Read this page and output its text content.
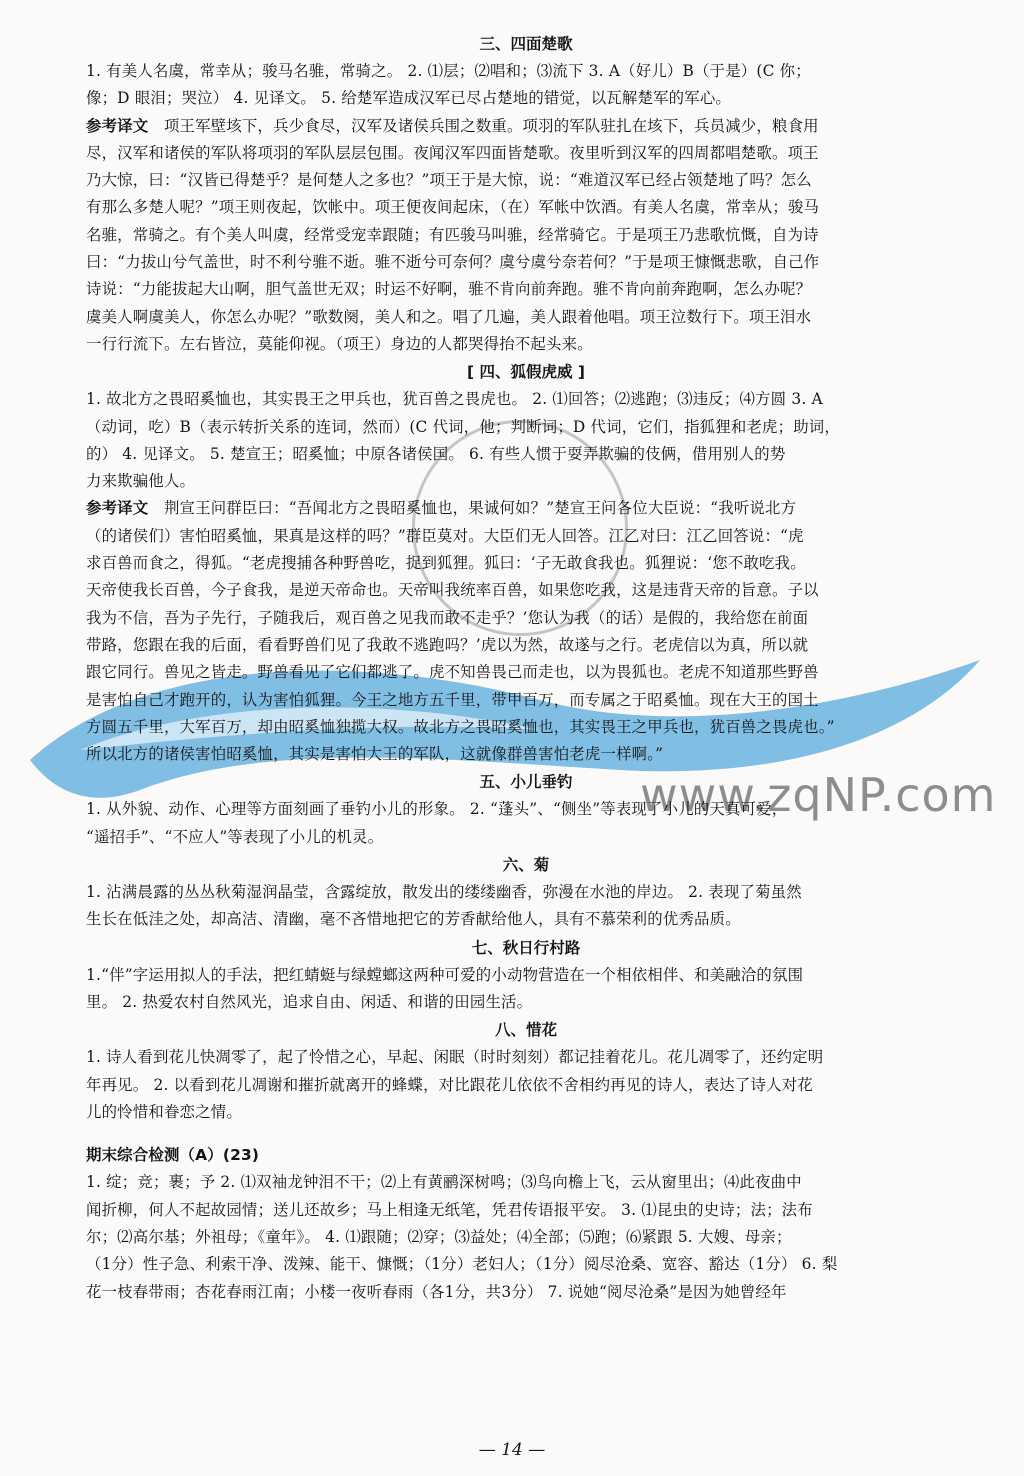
www.zqNP.com
三、四面楚歌

1. 有美人名虞，常幸从；骏马名骓，常骑之。 2. ⑴层；⑵唱和；⑶流下 3. A（好儿）B（于是）(C 你；

像；D 眼泪；哭泣） 4. 见译文。 5. 给楚军造成汉军已尽占楚地的错觉，以瓦解楚军的军心。

参考译文　 项王军壁垓下，兵少食尽，汉军及诸侯兵围之数重。项羽的军队驻扎在垓下，兵员减少，粮食用

尽，汉军和诸侯的军队将项羽的军队层层包围。夜闻汉军四面皆楚歌。夜里听到汉军的四周都唱楚歌。项王

乃大惊，曰：“汉皆已得楚乎？是何楚人之多也？”项王于是大惊，说：“难道汉军已经占领楚地了吗？怎么

有那么多楚人呢？”项王则夜起，饮帐中。项王便夜间起床，（在）军帐中饮酒。有美人名虞，常幸从；骏马

名骓，常骑之。有个美人叫虞，经常受宠幸跟随；有匹骏马叫骓，经常骑它。于是项王乃悲歌忼慨，自为诗

曰：“力拔山兮气盖世，时不利兮骓不逝。骓不逝兮可奈何？虞兮虞兮奈若何？”于是项王慷慨悲歌，自己作

诗说：“力能拔起大山啊，胆气盖世无双；时运不好啊，骓不肯向前奔跑。骓不肯向前奔跑啊，怎么办呢？

虞美人啊虞美人，你怎么办呢？”歌数阕，美人和之。唱了几遍，美人跟着他唱。项王泣数行下。项王泪水

一行行流下。左右皆泣，莫能仰视。（项王）身边的人都哭得抬不起头来。

[ 四、狐假虎威 ]

1. 故北方之畏昭奚恤也，其实畏王之甲兵也，犹百兽之畏虎也。 2. ⑴回答；⑵逃跑；⑶违反；⑷方圆 3. A

（动词，吃）B（表示转折关系的连词，然而）(C 代词，他；判断词；D 代词，它们，指狐狸和老虎；助词，

的） 4. 见译文。 5. 楚宣王；昭奚恤；中原各诸侯国。 6. 有些人惯于耍弄欺骗的伎俩，借用别人的势

力来欺骗他人。

参考译文　 荆宣王问群臣曰：“吾闻北方之畏昭奚恤也，果诚何如？”楚宣王问各位大臣说：“我听说北方

（的诸侯们）害怕昭奚恤，果真是这样的吗？”群臣莫对。大臣们无人回答。江乙对曰：江乙回答说：“虎

求百兽而食之，得狐。“老虎搜捕各种野兽吃，捉到狐狸。狐曰：‘子无敢食我也。狐狸说：‘您不敢吃我。

天帝使我长百兽，今子食我，是逆天帝命也。天帝叫我统率百兽，如果您吃我，这是违背天帝的旨意。子以

我为不信，吾为子先行，子随我后，观百兽之见我而敢不走乎？’您认为我（的话）是假的，我给您在前面

带路，您跟在我的后面，看看野兽们见了我敢不逃跑吗？’虎以为然，故遂与之行。老虎信以为真，所以就

跟它同行。兽见之皆走。野兽看见了它们都逃了。虎不知兽畏己而走也，以为畏狐也。老虎不知道那些野兽

是害怕自己才跑开的，认为害怕狐狸。今王之地方五千里，带甲百万，而专属之于昭奚恤。现在大王的国土

方圆五千里，大军百万，却由昭奚恤独揽大权。故北方之畏昭奚恤也，其实畏王之甲兵也，犹百兽之畏虎也。”

所以北方的诸侯害怕昭奚恤，其实是害怕大王的军队，这就像群兽害怕老虎一样啊。”

五、小儿垂钓

1. 从外貌、动作、心理等方面刻画了垂钓小儿的形象。 2. “蓬头”、“侧坐”等表现了小儿的天真可爱，

“遥招手”、“不应人”等表现了小儿的机灵。

六、菊

1. 沾满晨露的丛丛秋菊湿润晶莹，含露绽放，散发出的缕缕幽香，弥漫在水池的岸边。 2. 表现了菊虽然

生长在低洼之处，却高洁、清幽，毫不吝惜地把它的芳香献给他人，具有不慕荣利的优秀品质。

七、秋日行村路

1.“伴”字运用拟人的手法，把红蜻蜓与绿螳螂这两种可爱的小动物营造在一个相依相伴、和美融洽的氛围

里。 2. 热爱农村自然风光，追求自由、闲适、和谐的田园生活。

八、惜花

1. 诗人看到花儿快凋零了，起了怜惜之心，早起、闲眠（时时刻刻）都记挂着花儿。花儿凋零了，还约定明

年再见。 2. 以看到花儿凋谢和摧折就离开的蜂蝶，对比跟花儿依依不舍相约再见的诗人，表达了诗人对花

儿的怜惜和眷恋之情。

期末综合检测（A）(23)

1. 绽；竞；裹；予 2. ⑴双袖龙钟泪不干；⑵上有黄鹂深树鸣；⑶鸟向檐上飞，云从窗里出；⑷此夜曲中

闻折柳，何人不起故园情；送儿还故乡；马上相逢无纸笔，凭君传语报平安。 3. ⑴昆虫的史诗；法；法布

尔；⑵高尔基；外祖母；《童年》。 4. ⑴跟随；⑵穿；⑶益处；⑷全部；⑸跑；⑹紧跟 5. 大嫂、母亲；

（1分）性子急、利索干净、泼辣、能干、慷慨；（1分）老妇人；（1分）阅尽沧桑、宽容、豁达（1分） 6. 梨

花一枝春带雨；杏花春雨江南；小楼一夜听春雨（各1分，共3分） 7. 说她“阅尽沧桑”是因为她曾经年

— 14 —
